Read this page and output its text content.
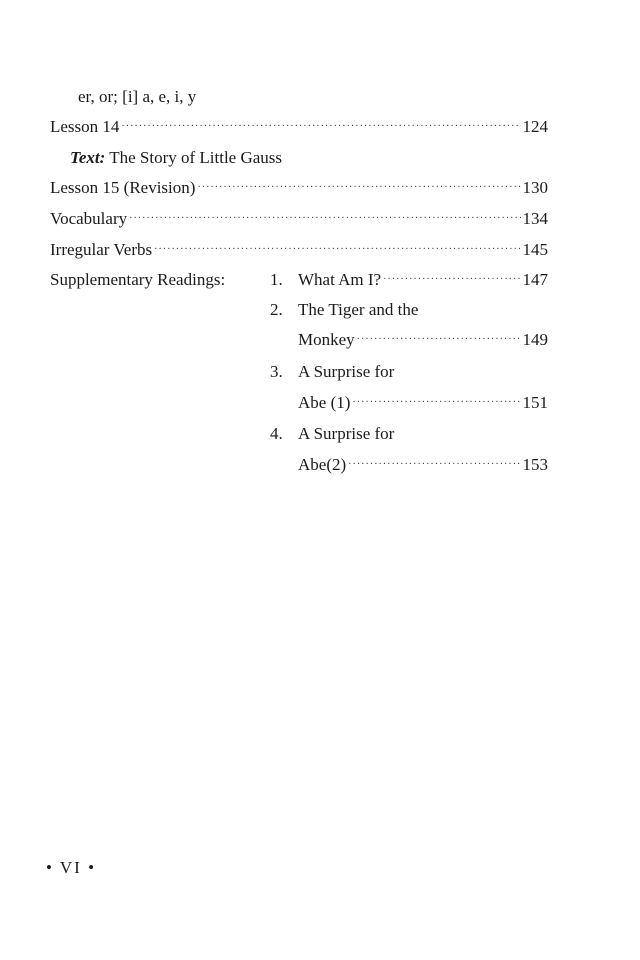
er, or; [i] a, e, i, y
Lesson 14 ·····	124
Text: The Story of Little Gauss
Lesson 15 (Revision) ·····	130
Vocabulary ·····	134
Irregular Verbs ·····	145
Supplementary Readings:	1. What Am I? ·····	147
2. The Tiger and the
Monkey ·····	149
3. A Surprise for
Abe (1) ·····	151
4. A Surprise for
Abe(2) ·····	153
• VI •
